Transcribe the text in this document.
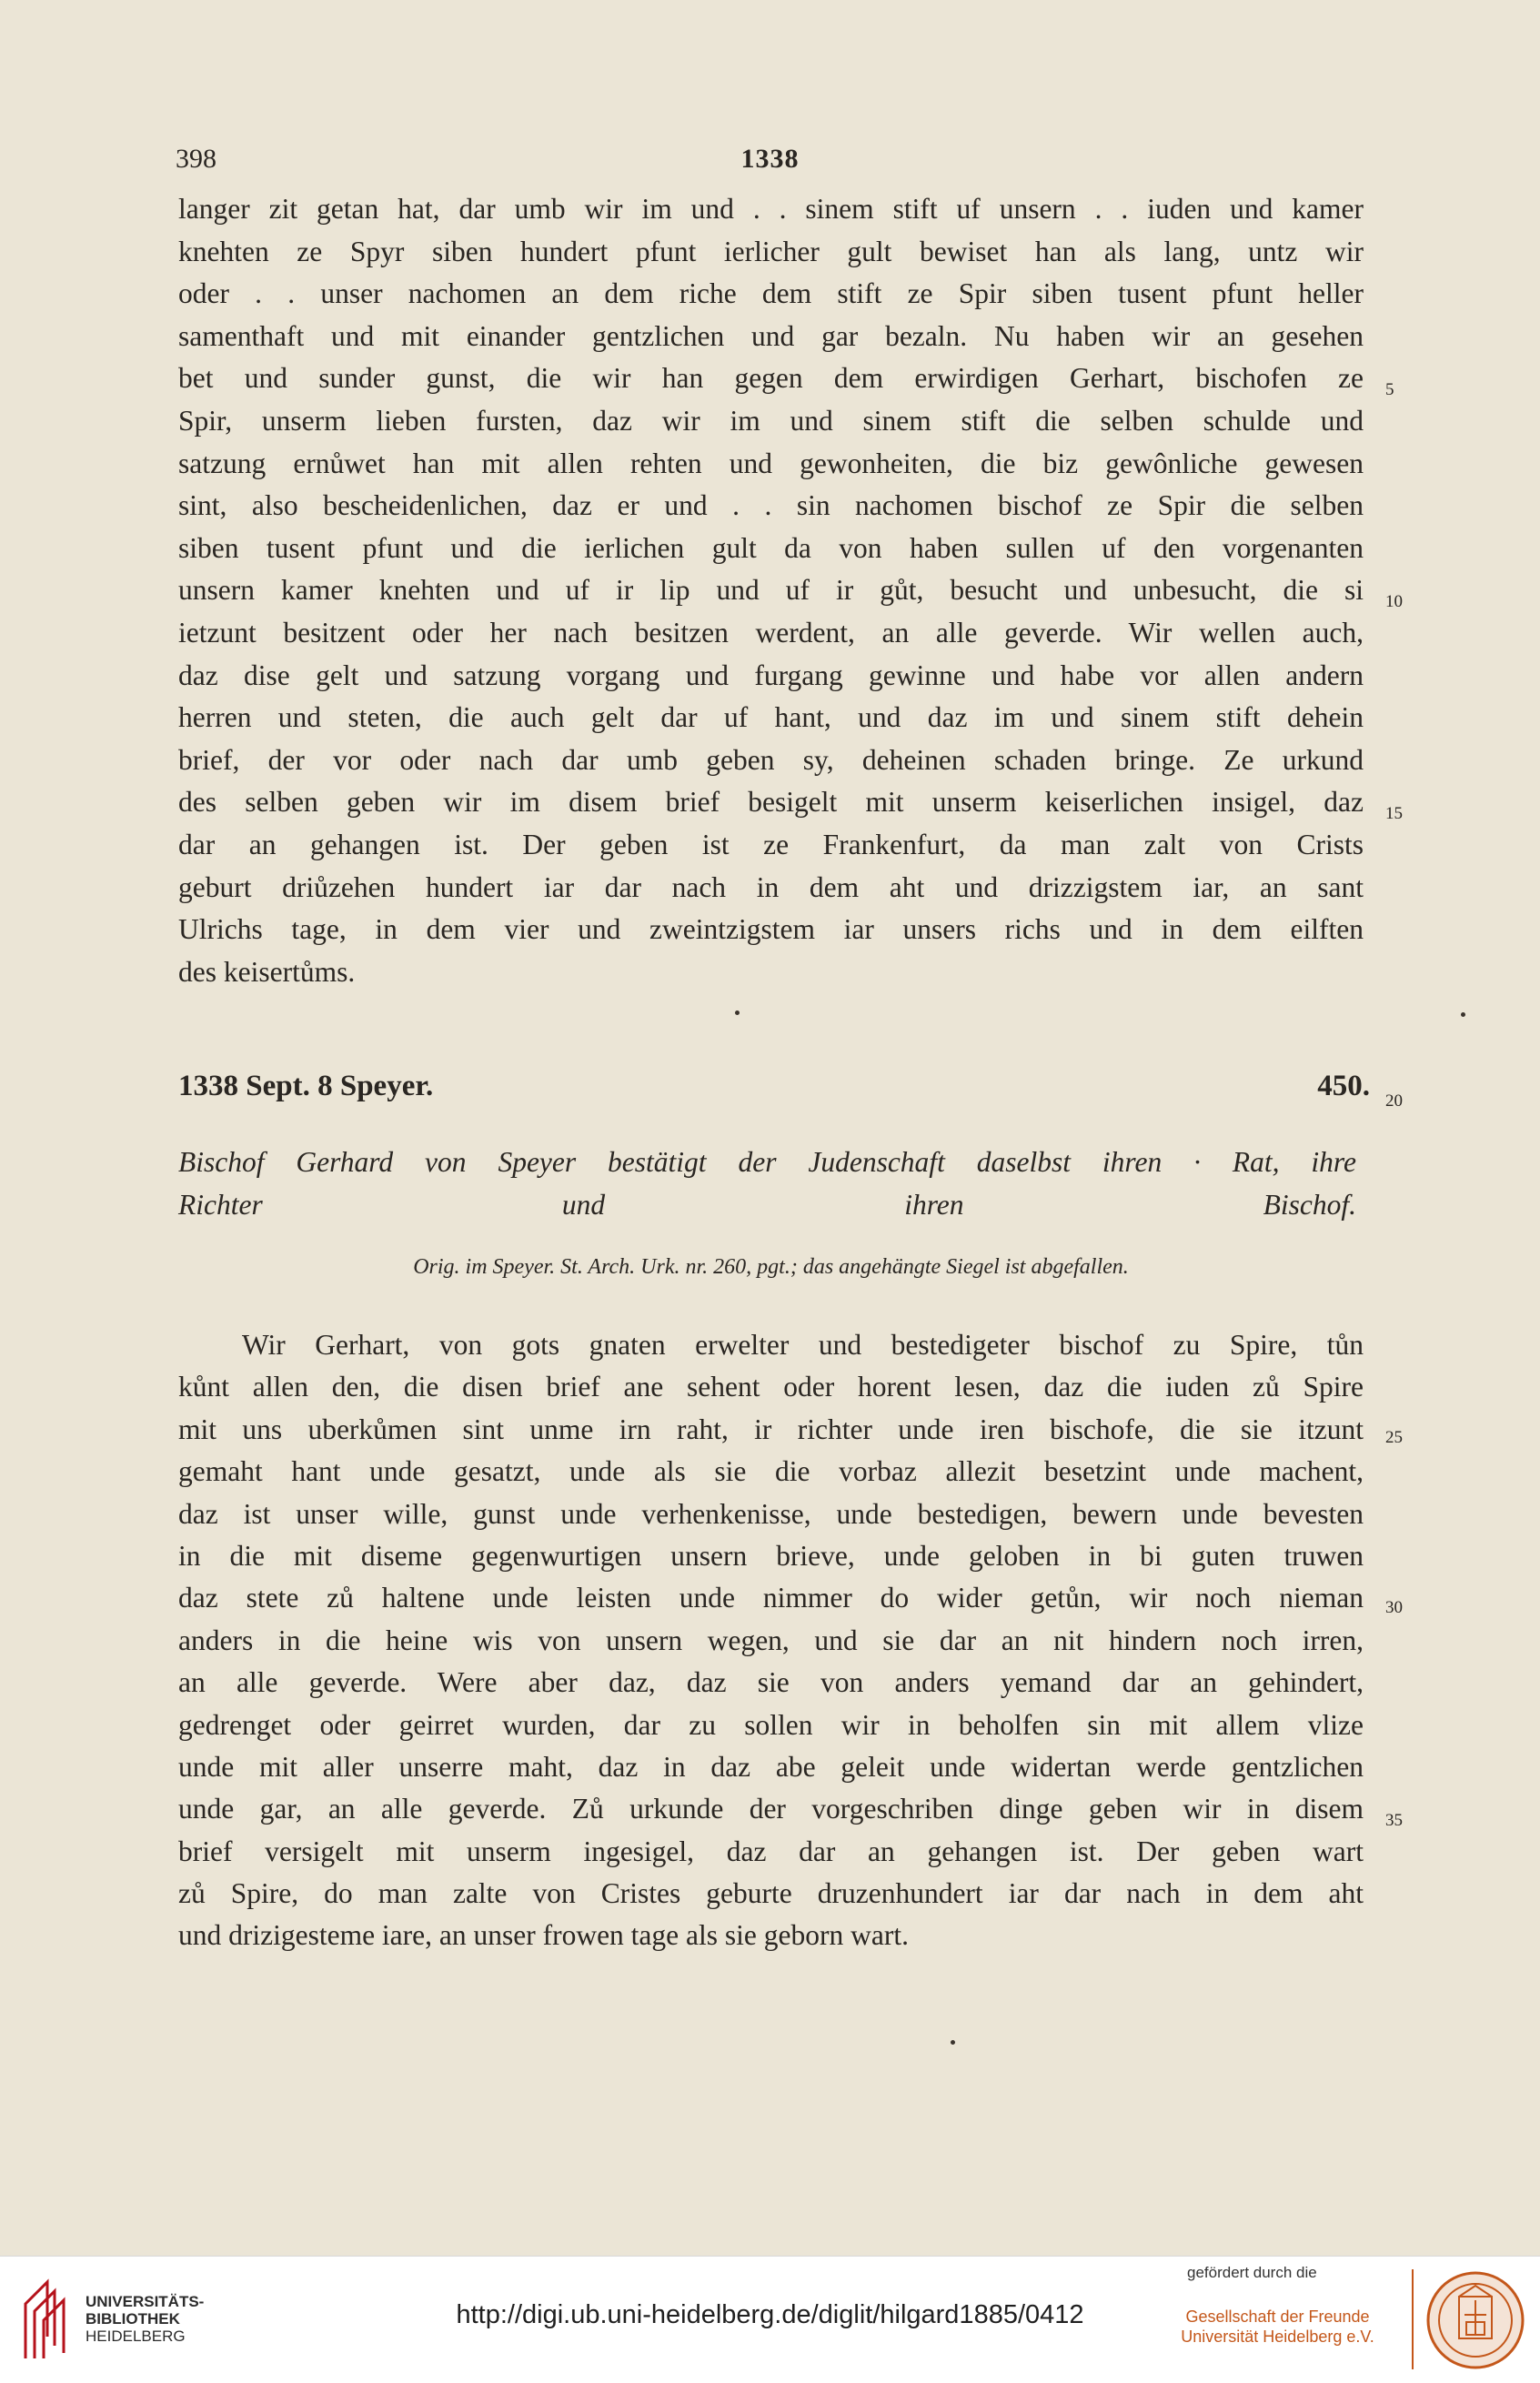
398	1338
langer zit getan hat, dar umb wir im und . . sinem stift uf unsern . . iuden und kamer
knehten ze Spyr siben hundert pfunt ierlicher gult bewiset han als lang, untz wir
oder . . unser nachomen an dem riche dem stift ze Spir siben tusent pfunt heller
samenthaft und mit einander gentzlichen und gar bezaln. Nu haben wir an gesehen
bet und sunder gunst, die wir han gegen dem erwirdigen Gerhart, bischofen ze
Spir, unserm lieben fursten, daz wir im und sinem stift die selben schulde und
satzung ernůwet han mit allen rehten und gewonheiten, die biz gewônliche gewesen
sint, also bescheidenlichen, daz er und . . sin nachomen bischof ze Spir die selben
siben tusent pfunt und die ierlichen gult da von haben sullen uf den vorgenanten
unsern kamer knehten und uf ir lip und uf ir gůt, besucht und unbesucht, die si
ietzunt besitzent oder her nach besitzen werdent, an alle geverde. Wir wellen auch,
daz dise gelt und satzung vorgang und furgang gewinne und habe vor allen andern
herren und steten, die auch gelt dar uf hant, und daz im und sinem stift dehein
brief, der vor oder nach dar umb geben sy, deheinen schaden bringe. Ze urkund
des selben geben wir im disem brief besigelt mit unserm keiserlichen insigel, daz
dar an gehangen ist. Der geben ist ze Frankenfurt, da man zalt von Crists
geburt driůzehen hundert iar dar nach in dem aht und drizzigstem iar, an sant
Ulrichs tage, in dem vier und zweintzigstem iar unsers richs und in dem eilften
des keisertůms.
5
10
15
1338 Sept. 8 Speyer.	450. 20
Bischof Gerhard von Speyer bestätigt der Judenschaft daselbst ihren · Rat, ihre
Richter und ihren Bischof.
Orig. im Speyer. St. Arch. Urk. nr. 260, pgt.; das angehängte Siegel ist abgefallen.
Wir Gerhart, von gots gnaten erwelter und bestedigeter bischof zu Spire, tůn
kůnt allen den, die disen brief ane sehent oder horent lesen, daz die iuden zů Spire
mit uns uberkůmen sint unme irn raht, ir richter unde iren bischofe, die sie itzunt
gemaht hant unde gesatzt, unde als sie die vorbaz allezit besetzint unde machent,
daz ist unser wille, gunst unde verhenkenisse, unde bestedigen, bewern unde bevesten
in die mit diseme gegenwurtigen unsern brieve, unde geloben in bi guten truwen
daz stete zů haltene unde leisten unde nimmer do wider getůn, wir noch nieman
anders in die heine wis von unsern wegen, und sie dar an nit hindern noch irren,
an alle geverde. Were aber daz, daz sie von anders yemand dar an gehindert,
gedrenget oder geirret wurden, dar zu sollen wir in beholfen sin mit allem vlize
unde mit aller unserre maht, daz in daz abe geleit unde widertan werde gentzlichen
unde gar, an alle geverde. Zů urkunde der vorgeschriben dinge geben wir in disem
brief versigelt mit unserm ingesigel, daz dar an gehangen ist. Der geben wart
zů Spire, do man zalte von Cristes geburte druzenhundert iar dar nach in dem aht
und drizigesteme iare, an unser frowen tage als sie geborn wart.
25
30
35
UNIVERSITÄTS-
BIBLIOTHEK
HEIDELBERG
http://digi.ub.uni-heidelberg.de/diglit/hilgard1885/0412
gefördert durch die
Gesellschaft der Freunde
Universität Heidelberg e.V.
